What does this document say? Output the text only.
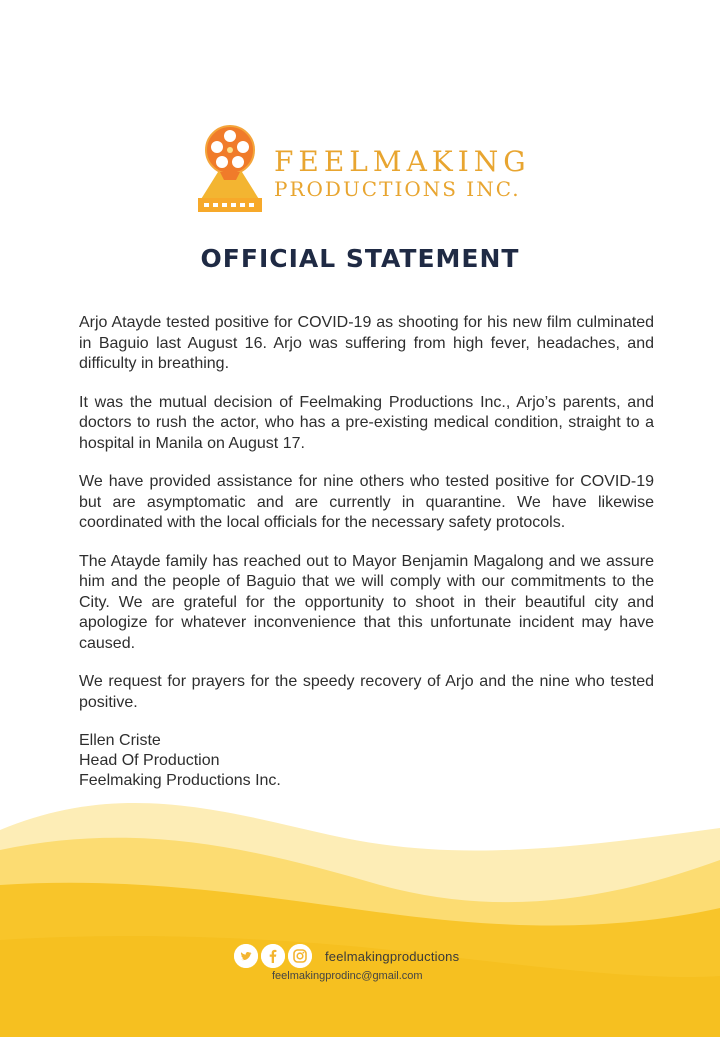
FEELMAKING
PRODUCTIONS INC.
OFFICIAL STATEMENT

Arjo Atayde tested positive for COVID-19 as shooting for his new film culminated in Baguio last August 16. Arjo was suffering from high fever, headaches, and difficulty in breathing.

It was the mutual decision of Feelmaking Productions Inc., Arjo’s parents, and doctors to rush the actor, who has a pre-existing medical condition, straight to a hospital in Manila on August 17.

We have provided assistance for nine others who tested positive for COVID-19 but are asymptomatic and are currently in quarantine. We have likewise coordinated with the local officials for the necessary safety protocols.

The Atayde family has reached out to Mayor Benjamin Magalong and we assure him and the people of Baguio that we will comply with our commitments to the City. We are grateful for the opportunity to shoot in their beautiful city and apologize for whatever inconvenience that this unfortunate incident may have caused.

We request for prayers for the speedy recovery of Arjo and the nine who tested positive.

Ellen Criste
Head Of Production
Feelmaking Productions Inc.
feelmakingproductions
feelmakingprodinc@gmail.com
